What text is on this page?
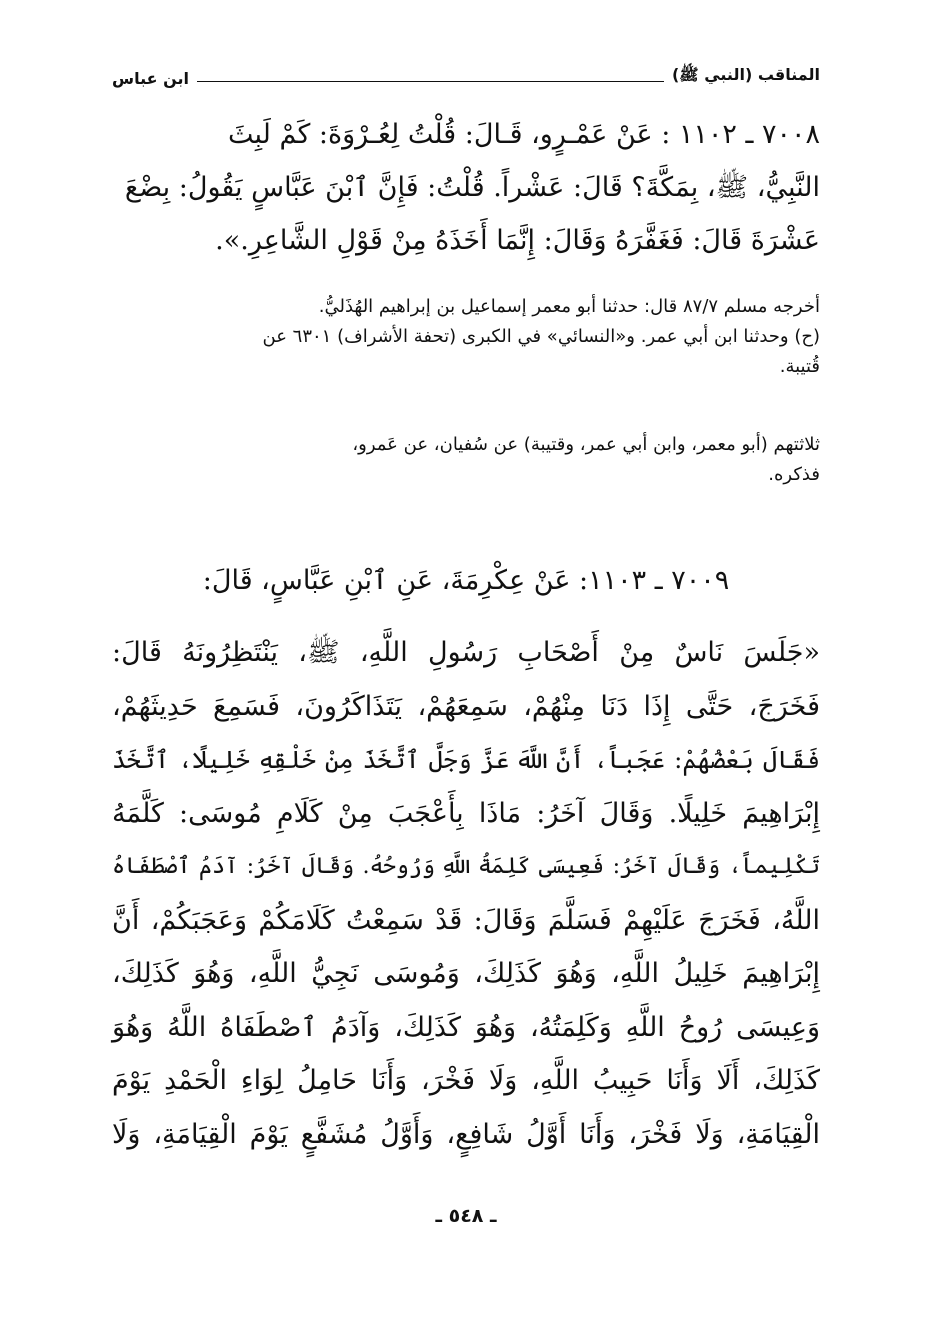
المناقب (النبي ﷺ)
ابن عباس
٧٠٠٨ ـ ١١٠٢ : عَنْ عَمْـرٍو، قَـالَ: قُلْتُ لِعُـرْوَةَ: كَمْ لَبِثَ
النَّبِيُّ، ﷺ، بِمَكَّةَ؟ قَالَ: عَشْراً. قُلْتُ: فَإِنَّ ٱبْنَ عَبَّاسٍ يَقُولُ: بِضْعَ
عَشْرَةَ قَالَ: فَغَفَّرَهُ وَقَالَ: إِنَّمَا أَخَذَهُ مِنْ قَوْلِ الشَّاعِرِ.».
أخرجه مسلم ٨٧/٧ قال: حدثنا أبو معمر إسماعيل بن إبراهيم الهُذَليُّ.
(ح) وحدثنا ابن أبي عمر. و«النسائي» في الكبرى (تحفة الأشراف) ٦٣٠١ عن
قُتيبة.
ثلاثتهم (أبو معمر، وابن أبي عمر، وقتيبة) عن سُفيان، عن عَمرو،
فذكره.
٧٠٠٩ ـ ١١٠٣: عَنْ عِكْرِمَةَ، عَنِ ٱبْنِ عَبَّاسٍ، قَالَ:
«جَلَسَ نَاسٌ مِنْ أَصْحَابِ رَسُولِ اللَّهِ، ﷺ، يَنْتَظِرُونَهُ قَالَ:
فَخَرَجَ، حَتَّى إِذَا دَنَا مِنْهُمْ، سَمِعَهُمْ، يَتَذَاكَرُونَ، فَسَمِعَ حَدِيثَهُمْ،
فَقَالَ بَعْضُهُمْ: عَجَباً، أَنَّ اللَّهَ عَزَّ وَجَلَّ ٱتَّخَذَ مِنْ خَلْقِهِ خَلِيلًا، ٱتَّخَذَ
إِبْرَاهِيمَ خَلِيلًا. وَقَالَ آخَرُ: مَاذَا بِأَعْجَبَ مِنْ كَلَامِ مُوسَى: كَلَّمَهُ
تَكْلِيماً، وَقَالَ آخَرُ: فَعِيسَى كَلِمَةُ اللَّهِ وَرُوحُهُ. وَقَالَ آخَرُ: آدَمُ ٱصْطَفَاهُ
اللَّهُ، فَخَرَجَ عَلَيْهِمْ فَسَلَّمَ وَقَالَ: قَدْ سَمِعْتُ كَلَامَكُمْ وَعَجَبَكُمْ، أَنَّ
إِبْرَاهِيمَ خَلِيلُ اللَّهِ، وَهُوَ كَذَلِكَ، وَمُوسَى نَجِيُّ اللَّهِ، وَهُوَ كَذَلِكَ،
وَعِيسَى رُوحُ اللَّهِ وَكَلِمَتُهُ، وَهُوَ كَذَلِكَ، وَآدَمُ ٱصْطَفَاهُ اللَّهُ وَهُوَ
كَذَلِكَ، أَلَا وَأَنَا حَبِيبُ اللَّهِ، وَلَا فَخْرَ، وَأَنَا حَامِلُ لِوَاءِ الْحَمْدِ يَوْمَ
الْقِيَامَةِ، وَلَا فَخْرَ، وَأَنَا أَوَّلُ شَافِعٍ، وَأَوَّلُ مُشَفَّعٍ يَوْمَ الْقِيَامَةِ، وَلَا
ـ ٥٤٨ ـ
